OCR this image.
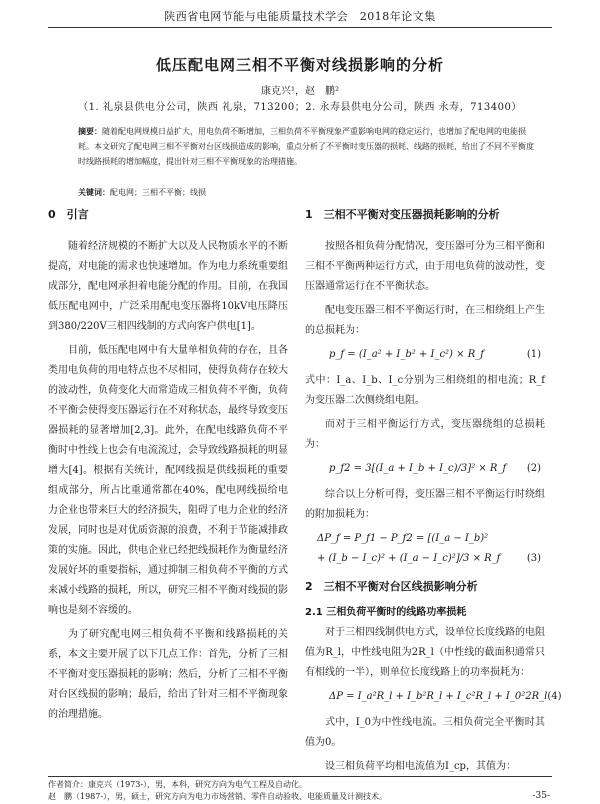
陕西省电网节能与电能质量技术学会　2018年论文集
低压配电网三相不平衡对线损影响的分析
康克兴¹，赵　鹏²
（1. 礼泉县供电分公司，陕西 礼泉，713200；2. 永寿县供电分公司，陕西 永寿，713400）
摘要：随着配电网规模日益扩大，用电负荷不断增加，三相负荷不平衡现象严重影响电网的稳定运行，也增加了配电网的电能损耗。本文研究了配电网三相不平衡对台区线损造成的影响，重点分析了不平衡时变压器的损耗、线路的损耗，给出了不同不平衡度时线路损耗的增加幅度，提出针对三相不平衡现象的治理措施。
关键词：配电网；三相不平衡；线损
0　引言

随着经济规模的不断扩大以及人民物质水平的不断提高，对电能的需求也快速增加。作为电力系统重要组成部分，配电网承担着电能分配的作用。目前，在我国低压配电网中，广泛采用配电变压器将10kV电压降压到380/220V三相四线制的方式向客户供电[1]。

目前，低压配电网中有大量单相负荷的存在，且各类用电负荷的用电特点也不尽相同，使得负荷存在较大的波动性，负荷变化大而常造成三相负荷不平衡，负荷不平衡会使得变压器运行在不对称状态，最终导致变压器损耗的显著增加[2,3]。此外，在配电线路负荷不平衡时中性线上也会有电流流过，会导致线路损耗的明显增大[4]。根据有关统计，配网线损是供线损耗的重要组成部分，所占比重通常都在40%，配电网线损给电力企业也带来巨大的经济损失，阻碍了电力企业的经济发展，同时也是对优质资源的浪费，不利于节能减排政策的实施。因此，供电企业已经把线损耗作为衡量经济发展好坏的重要指标，通过抑制三相负荷不平衡的方式来减小线路的损耗，所以，研究三相不平衡对线损的影响也是刻不容缓的。

为了研究配电网三相负荷不平衡和线路损耗的关系，本文主要开展了以下几点工作：首先，分析了三相不平衡对变压器损耗的影响；然后，分析了三相不平衡对台区线损的影响；最后，给出了针对三相不平衡现象的治理措施。

1　三相不平衡对变压器损耗影响的分析

按照各相负荷分配情况，变压器可分为三相平衡和三相不平衡两种运行方式，由于用电负荷的波动性，变压器通常运行在不平衡状态。

配电变压器三相不平衡运行时，在三相绕组上产生的总损耗为：

p_f = (I_a² + I_b² + I_c²) × R_f	(1)

式中：I_a、I_b、I_c分别为三相绕组的相电流；R_f为变压器二次侧绕组电阻。

而对于三相平衡运行方式，变压器绕组的总损耗为：

p_f2 = 3[(I_a + I_b + I_c)/3]² × R_f (2)

综合以上分析可得，变压器三相不平衡运行时绕组的附加损耗为：

ΔP_f = P_f1 − P_f2 = [(I_a − I_b)²
+ (I_b − I_c)² + (I_a − I_c)²]/3 × R_f	(3)
2　三相不平衡对台区线损影响分析
2.1 三相负荷平衡时的线路功率损耗

对于三相四线制供电方式，设单位长度线路的电阻值为R_l，中性线电阻为2R_l（中性线的截面积通常只有相线的一半），则单位长度线路上的功率损耗为：

ΔP = I_a²R_l + I_b²R_l + I_c²R_l + I_0²2R_l (4)

式中，I_0为中性线电流。三相负荷完全平衡时其值为0。

设三相负荷平均相电流值为I_cp，其值为：

作者简介：康克兴（1973-），男，本科，研究方向为电气工程及自动化。
赵　鹏（1987-），男，硕士，研究方向为电力市场营销、零件自动验收、电能质量及计测技术。	-35-
